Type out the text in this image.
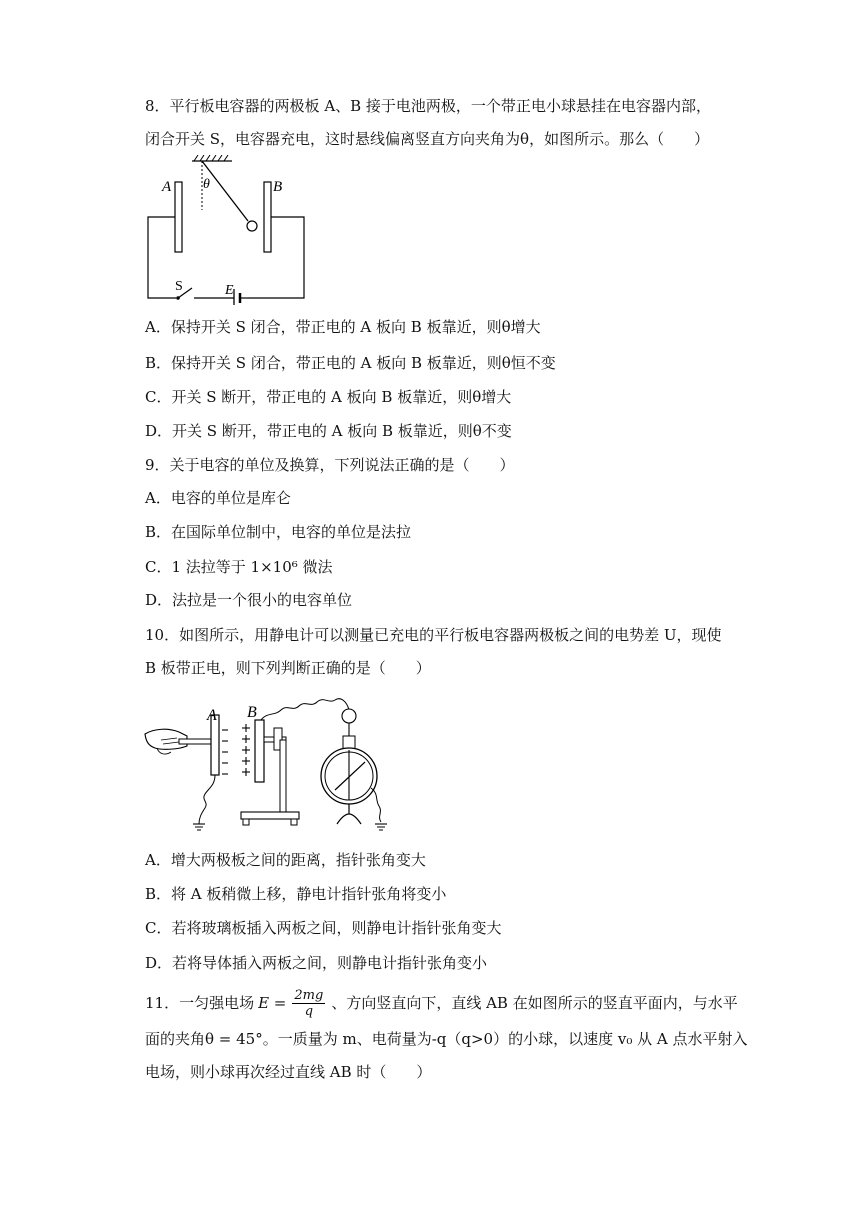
8．平行板电容器的两极板 A、B 接于电池两极，一个带正电小球悬挂在电容器内部，
闭合开关 S，电容器充电，这时悬线偏离竖直方向夹角为θ，如图所示。那么（　　）
A	B
θ
S	E
A．保持开关 S 闭合，带正电的 A 板向 B 板靠近，则θ增大
B．保持开关 S 闭合，带正电的 A 板向 B 板靠近，则θ恒不变
C．开关 S 断开，带正电的 A 板向 B 板靠近，则θ增大
D．开关 S 断开，带正电的 A 板向 B 板靠近，则θ不变
9．关于电容的单位及换算，下列说法正确的是（　　）
A．电容的单位是库仑
B．在国际单位制中，电容的单位是法拉
C．1 法拉等于 1×10⁶ 微法
D．法拉是一个很小的电容单位
10．如图所示，用静电计可以测量已充电的平行板电容器两极板之间的电势差 U，现使
B 板带正电，则下列判断正确的是（　　）
A B
A．增大两极板之间的距离，指针张角变大
B．将 A 板稍微上移，静电计指针张角将变小
C．若将玻璃板插入两板之间，则静电计指针张角变大
D．若将导体插入两板之间，则静电计指针张角变小
11．一匀强电场 $E = \frac{2mg}{q}$ 、方向竖直向下，直线 AB 在如图所示的竖直平面内，与水平
面的夹角θ = 45°。一质量为 m、电荷量为-q（q>0）的小球，以速度 v₀ 从 A 点水平射入
电场，则小球再次经过直线 AB 时（　　）
